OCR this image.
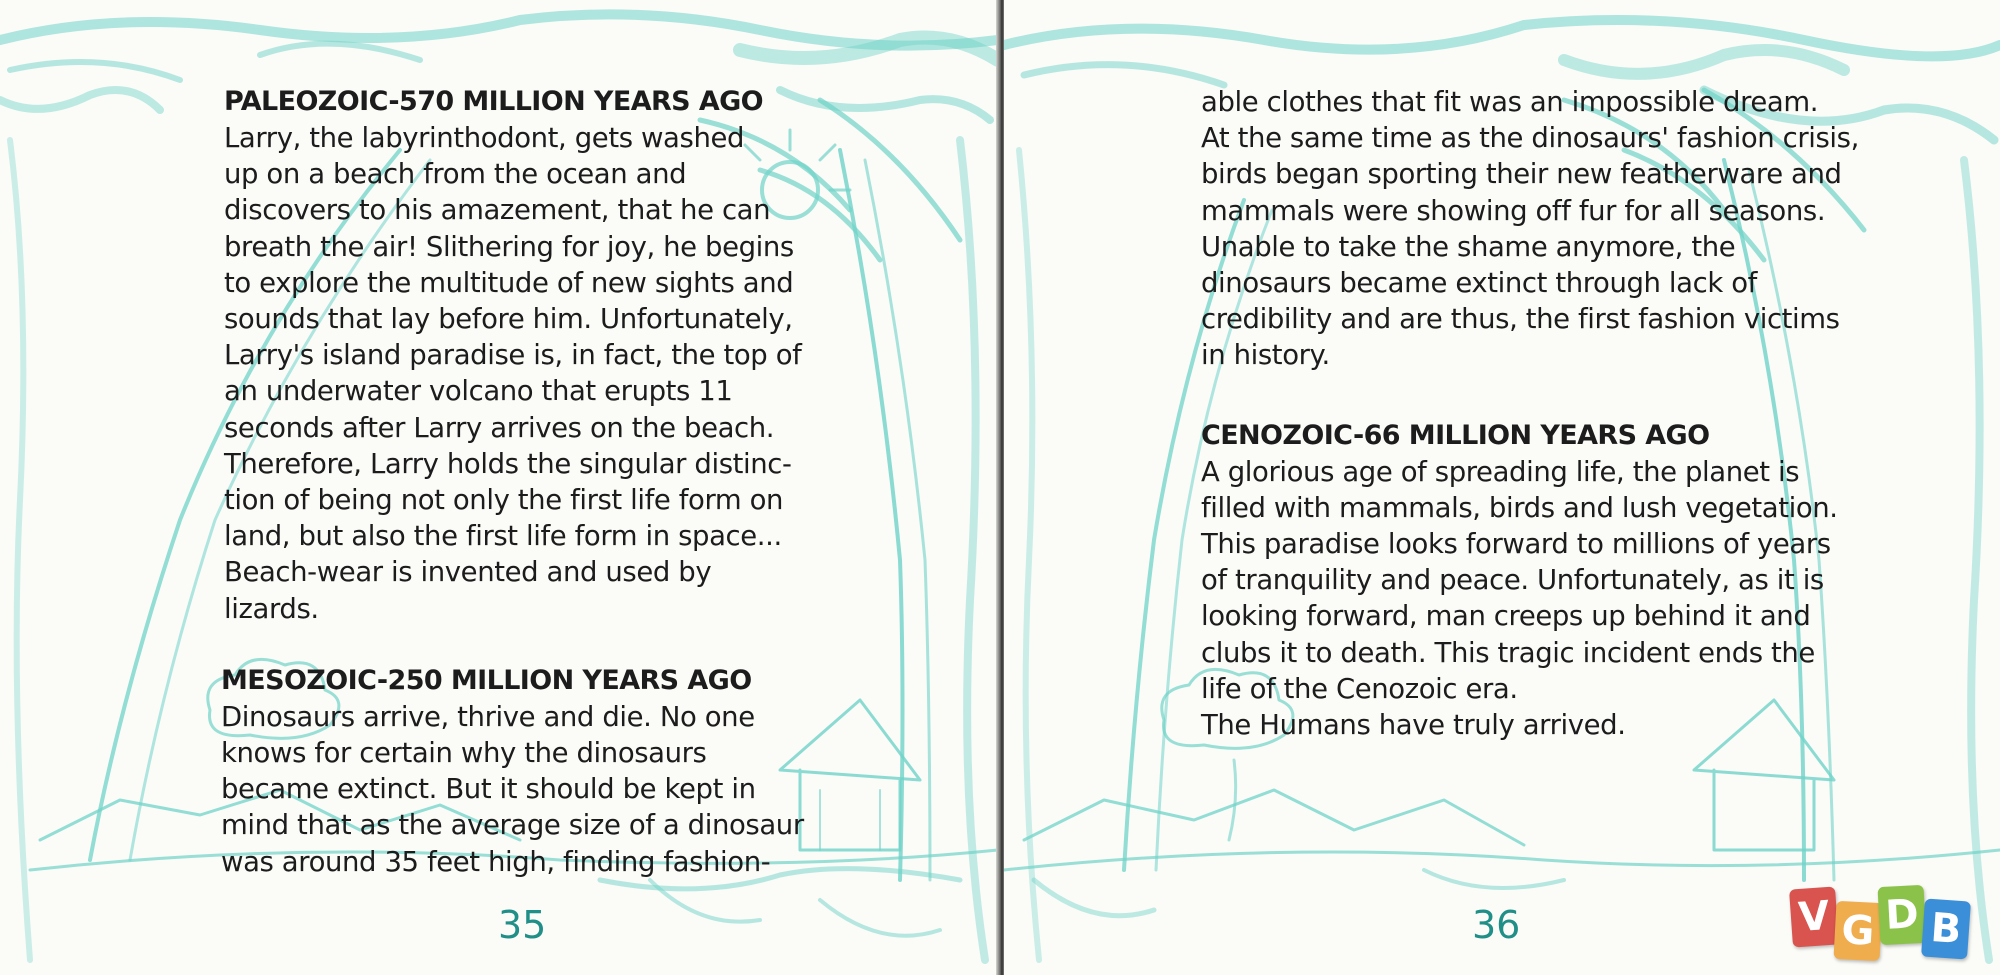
PALEOZOIC-570 MILLION YEARS AGO

Larry, the labyrinthodont, gets washed
up on a beach from the ocean and
discovers to his amazement, that he can
breath the air! Slithering for joy, he begins
to explore the multitude of new sights and
sounds that lay before him. Unfortunately,
Larry's island paradise is, in fact, the top of
an underwater volcano that erupts 11
seconds after Larry arrives on the beach.
Therefore, Larry holds the singular distinc-
tion of being not only the first life form on
land, but also the first life form in space...
Beach-wear is invented and used by lizards.

MESOZOIC-250 MILLION YEARS AGO

Dinosaurs arrive, thrive and die. No one
knows for certain why the dinosaurs
became extinct. But it should be kept in
mind that as the average size of a dinosaur
was around 35 feet high, finding fashion-

35

able clothes that fit was an impossible dream.
At the same time as the dinosaurs' fashion crisis,
birds began sporting their new featherware and
mammals were showing off fur for all seasons.
Unable to take the shame anymore, the
dinosaurs became extinct through lack of
credibility and are thus, the first fashion victims
in history.

CENOZOIC-66 MILLION YEARS AGO

A glorious age of spreading life, the planet is
filled with mammals, birds and lush vegetation.
This paradise looks forward to millions of years
of tranquility and peace. Unfortunately, as it is
looking forward, man creeps up behind it and
clubs it to death. This tragic incident ends the
life of the Cenozoic era.
The Humans have truly arrived.

36	V G D B
